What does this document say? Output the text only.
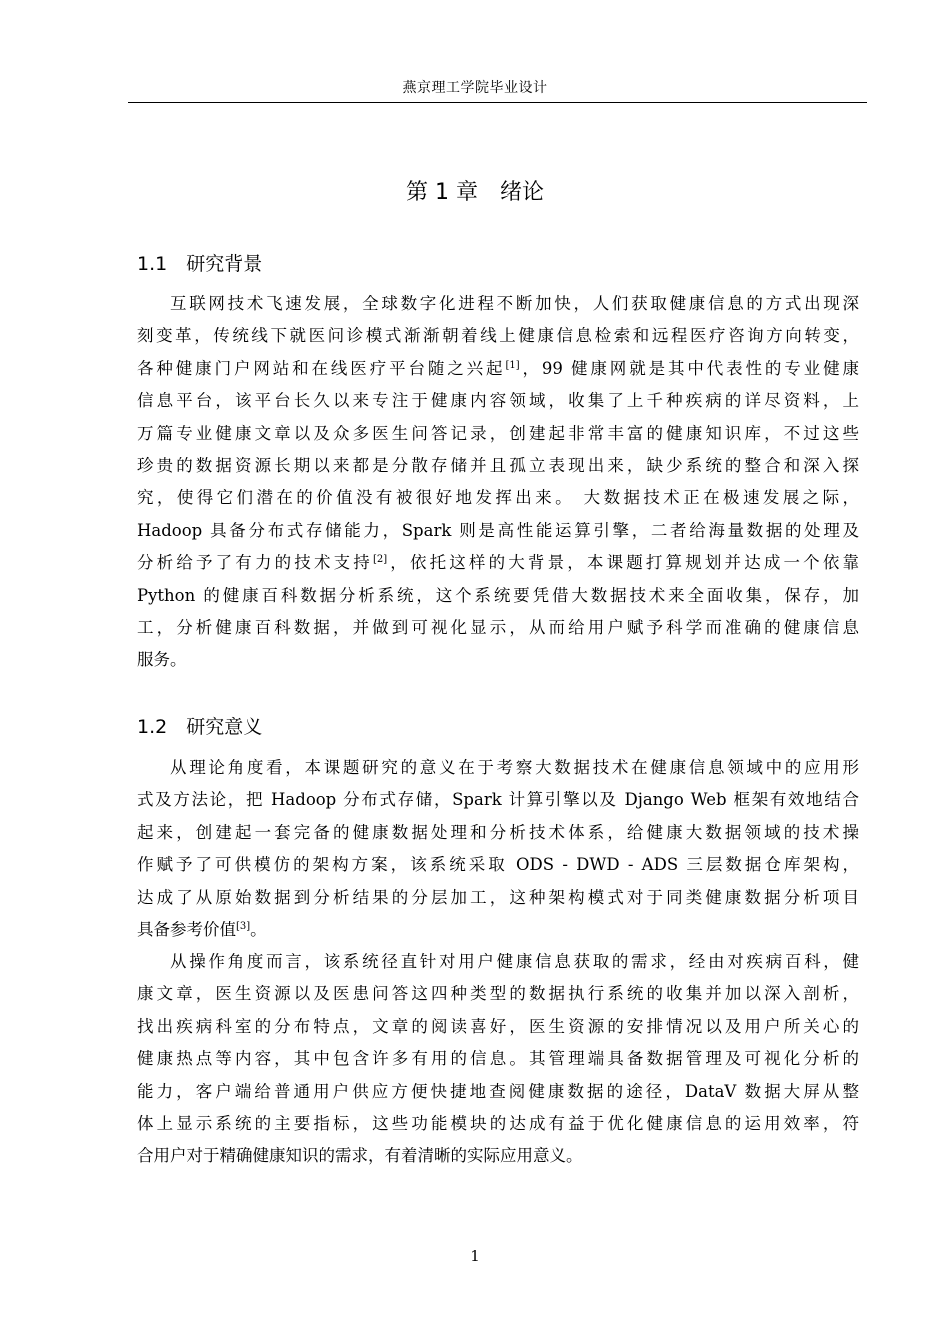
燕京理工学院毕业设计
第 1 章　绪论
1.1　研究背景
互联网技术飞速发展，全球数字化进程不断加快，人们获取健康信息的方式出现深
刻变革，传统线下就医问诊模式渐渐朝着线上健康信息检索和远程医疗咨询方向转变，
各种健康门户网站和在线医疗平台随之兴起[1]，99 健康网就是其中代表性的专业健康
信息平台，该平台长久以来专注于健康内容领域，收集了上千种疾病的详尽资料，上
万篇专业健康文章以及众多医生问答记录，创建起非常丰富的健康知识库，不过这些
珍贵的数据资源长期以来都是分散存储并且孤立表现出来，缺少系统的整合和深入探
究，使得它们潜在的价值没有被很好地发挥出来。 大数据技术正在极速发展之际，
Hadoop 具备分布式存储能力，Spark 则是高性能运算引擎，二者给海量数据的处理及
分析给予了有力的技术支持[2]，依托这样的大背景，本课题打算规划并达成一个依靠
Python 的健康百科数据分析系统，这个系统要凭借大数据技术来全面收集，保存，加
工，分析健康百科数据，并做到可视化显示，从而给用户赋予科学而准确的健康信息
服务。
1.2　研究意义
从理论角度看，本课题研究的意义在于考察大数据技术在健康信息领域中的应用形
式及方法论，把 Hadoop 分布式存储，Spark 计算引擎以及 Django Web 框架有效地结合
起来，创建起一套完备的健康数据处理和分析技术体系，给健康大数据领域的技术操
作赋予了可供模仿的架构方案，该系统采取 ODS - DWD - ADS 三层数据仓库架构，
达成了从原始数据到分析结果的分层加工，这种架构模式对于同类健康数据分析项目
具备参考价值[3]。
从操作角度而言，该系统径直针对用户健康信息获取的需求，经由对疾病百科，健
康文章，医生资源以及医患问答这四种类型的数据执行系统的收集并加以深入剖析，
找出疾病科室的分布特点，文章的阅读喜好，医生资源的安排情况以及用户所关心的
健康热点等内容，其中包含许多有用的信息。其管理端具备数据管理及可视化分析的
能力，客户端给普通用户供应方便快捷地查阅健康数据的途径，DataV 数据大屏从整
体上显示系统的主要指标，这些功能模块的达成有益于优化健康信息的运用效率，符
合用户对于精确健康知识的需求，有着清晰的实际应用意义。
1
